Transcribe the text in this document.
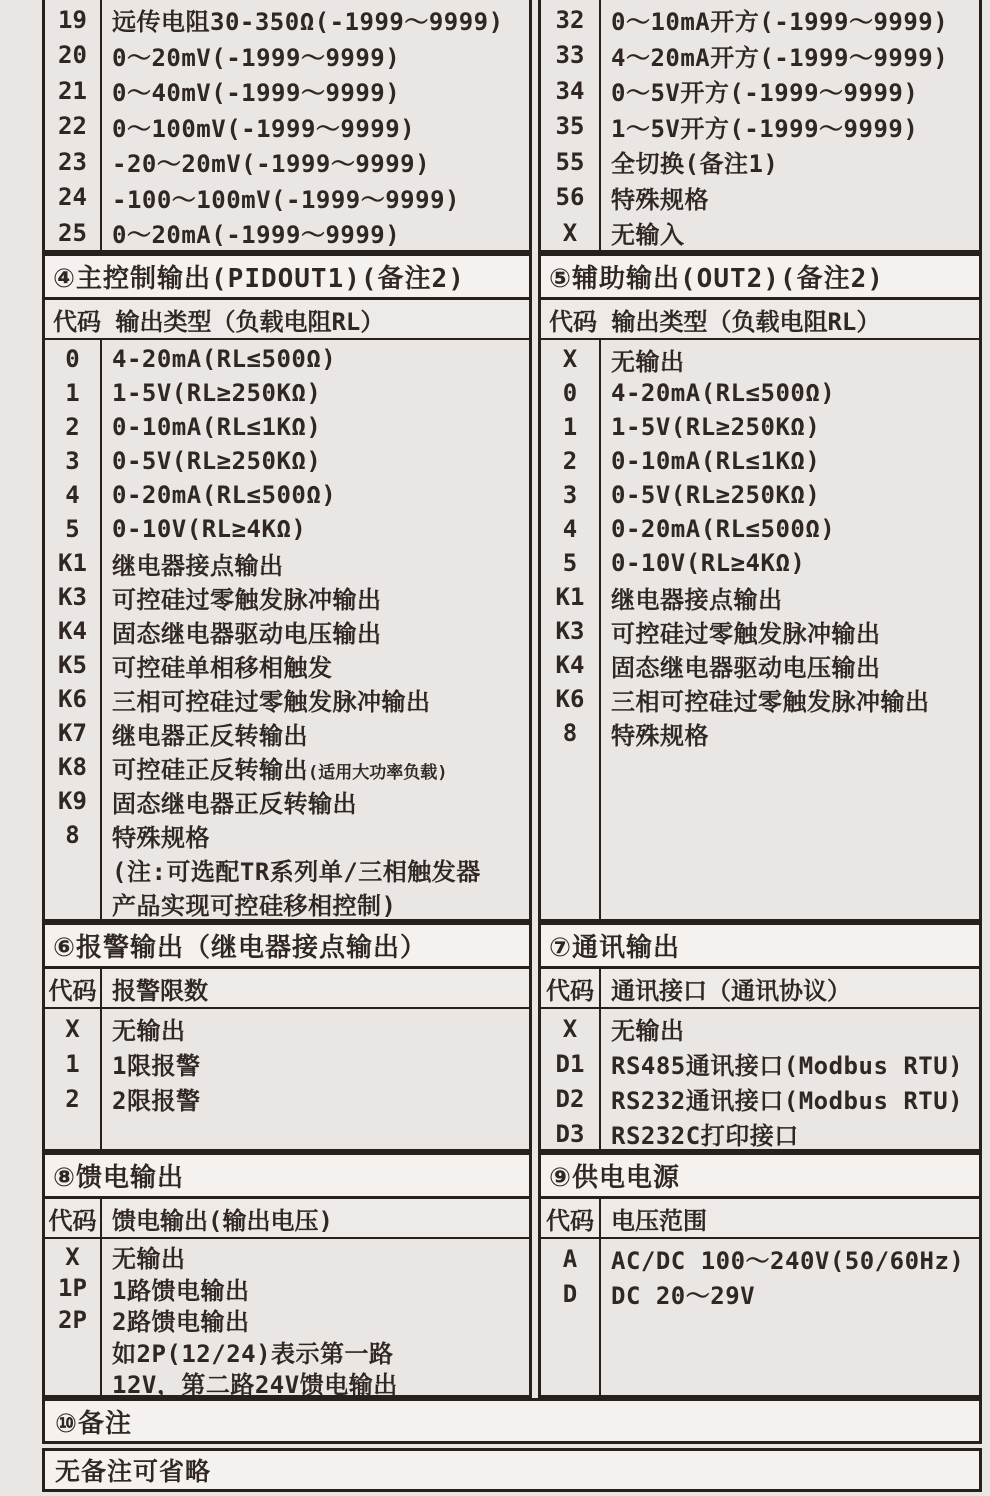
19	远传电阻30-350Ω(-1999～9999)
20	0～20mV(-1999～9999)
21	0～40mV(-1999～9999)
22	0～100mV(-1999～9999)
23	-20～20mV(-1999～9999)
24	-100～100mV(-1999～9999)
25	0～20mA(-1999～9999)
32	0～10mA开方(-1999～9999)
33	4～20mA开方(-1999～9999)
34	0～5V开方(-1999～9999)
35	1～5V开方(-1999～9999)
55	全切换(备注1)
56	特殊规格
X	无输入
④主控制输出(PIDOUT1)(备注2)
代码 输出类型（负载电阻RL）
0	4-20mA(RL≤500Ω)
1	1-5V(RL≥250KΩ)
2	0-10mA(RL≤1KΩ)
3	0-5V(RL≥250KΩ)
4	0-20mA(RL≤500Ω)
5	0-10V(RL≥4KΩ)
K1	继电器接点输出
K3	可控硅过零触发脉冲输出
K4	固态继电器驱动电压输出
K5	可控硅单相移相触发
K6	三相可控硅过零触发脉冲输出
K7	继电器正反转输出
K8	可控硅正反转输出(适用大功率负载)
K9	固态继电器正反转输出
8	特殊规格
(注:可选配TR系列单/三相触发器
产品实现可控硅移相控制)
⑤辅助输出(OUT2)(备注2)
代码 输出类型（负载电阻RL）
X	无输出
0	4-20mA(RL≤500Ω)
1	1-5V(RL≥250KΩ)
2	0-10mA(RL≤1KΩ)
3	0-5V(RL≥250KΩ)
4	0-20mA(RL≤500Ω)
5	0-10V(RL≥4KΩ)
K1	继电器接点输出
K3	可控硅过零触发脉冲输出
K4	固态继电器驱动电压输出
K6	三相可控硅过零触发脉冲输出
8	特殊规格
⑥报警输出（继电器接点输出）
代码 报警限数
X	无输出
1	1限报警
2	2限报警
⑦通讯输出
代码 通讯接口（通讯协议）
X	无输出
D1	RS485通讯接口(Modbus RTU)
D2	RS232通讯接口(Modbus RTU)
D3	RS232C打印接口
⑧馈电输出
代码 馈电输出(输出电压)
X	无输出
1P	1路馈电输出
2P	2路馈电输出
如2P(12/24)表示第一路
12V，第二路24V馈电输出
⑨供电电源
代码 电压范围
A	AC/DC 100～240V(50/60Hz)
D	DC 20～29V
⑩备注
无备注可省略
